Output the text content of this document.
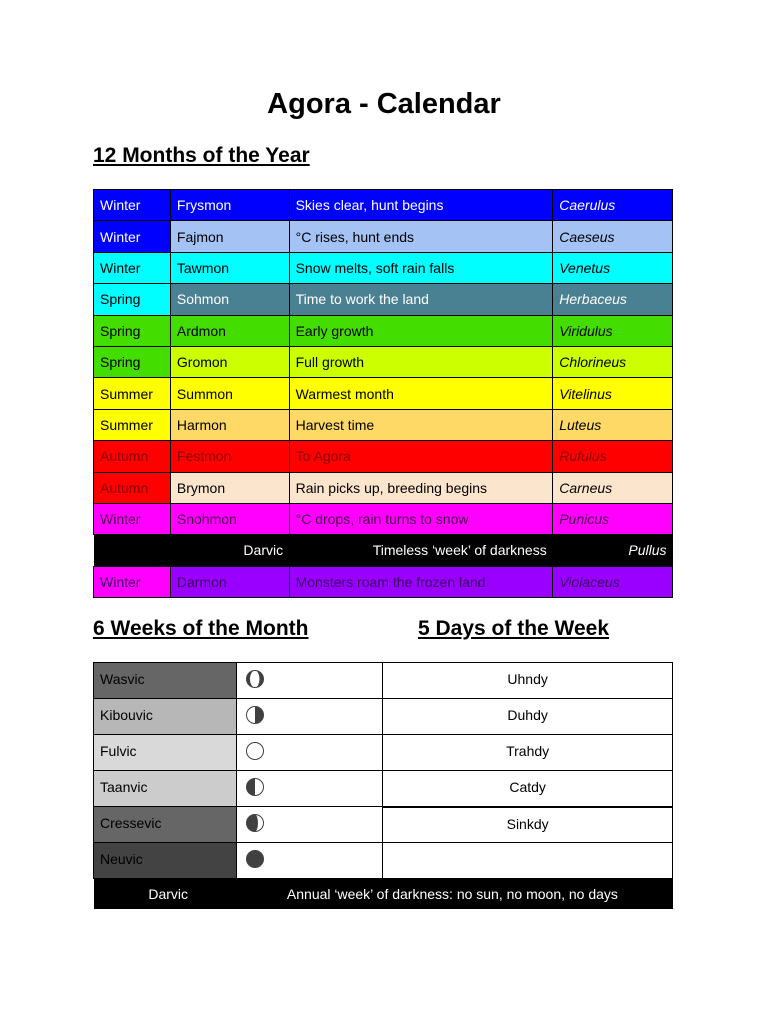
Agora - Calendar
12 Months of the Year
Winter	Frysmon	Skies clear, hunt begins	Caerulus
Winter	Fajmon	°C rises, hunt ends	Caeseus
Winter	Tawmon	Snow melts, soft rain falls	Venetus
Spring	Sohmon	Time to work the land	Herbaceus
Spring	Ardmon	Early growth	Viridulus
Spring	Gromon	Full growth	Chlorineus
Summer	Summon	Warmest month	Vitelinus
Summer	Harmon	Harvest time	Luteus
Autumn	Festmon	To Agora	Rufulus
Autumn	Brymon	Rain picks up, breeding begins	Carneus
Winter	Snohmon	°C drops, rain turns to snow	Punicus
	Darvic	Timeless ‘week’ of darkness	Pullus
Winter	Darmon	Monsters roam the frozen land	Violaceus
6 Weeks of the Month	5 Days of the Week
Wasvic		Uhndy
Kibouvic		Duhdy
Fulvic		Trahdy
Taanvic		Catdy
Cressevic		Sinkdy
Neuvic	

Darvic	Annual ‘week’ of darkness: no sun, no moon, no days	
